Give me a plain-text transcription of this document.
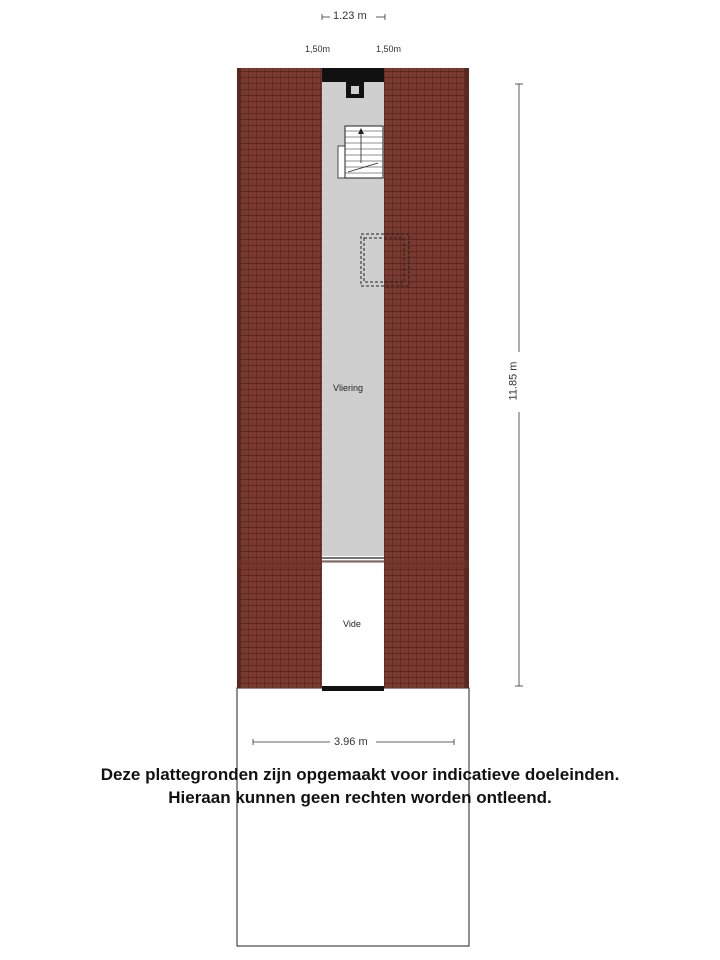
1.23 m
1,50m	1,50m
11.85 m
3.96 m
Vliering
Vide
Deze plattegronden zijn opgemaakt voor indicatieve doeleinden.
Hieraan kunnen geen rechten worden ontleend.
